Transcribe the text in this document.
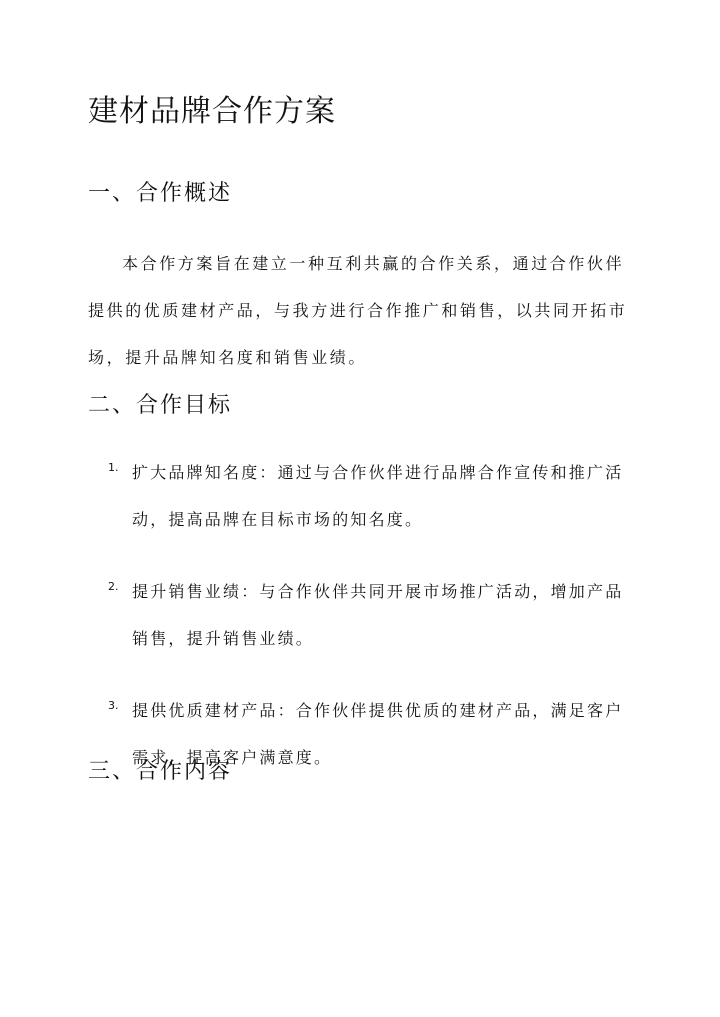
建材品牌合作方案
一、合作概述

本合作方案旨在建立一种互利共赢的合作关系，通过合作伙伴提供的优质建材产品，与我方进行合作推广和销售，以共同开拓市场，提升品牌知名度和销售业绩。

二、合作目标
1. 扩大品牌知名度：通过与合作伙伴进行品牌合作宣传和推广活动，提高品牌在目标市场的知名度。
2. 提升销售业绩：与合作伙伴共同开展市场推广活动，增加产品销售，提升销售业绩。
3. 提供优质建材产品：合作伙伴提供优质的建材产品，满足客户需求，提高客户满意度。
三、合作内容
